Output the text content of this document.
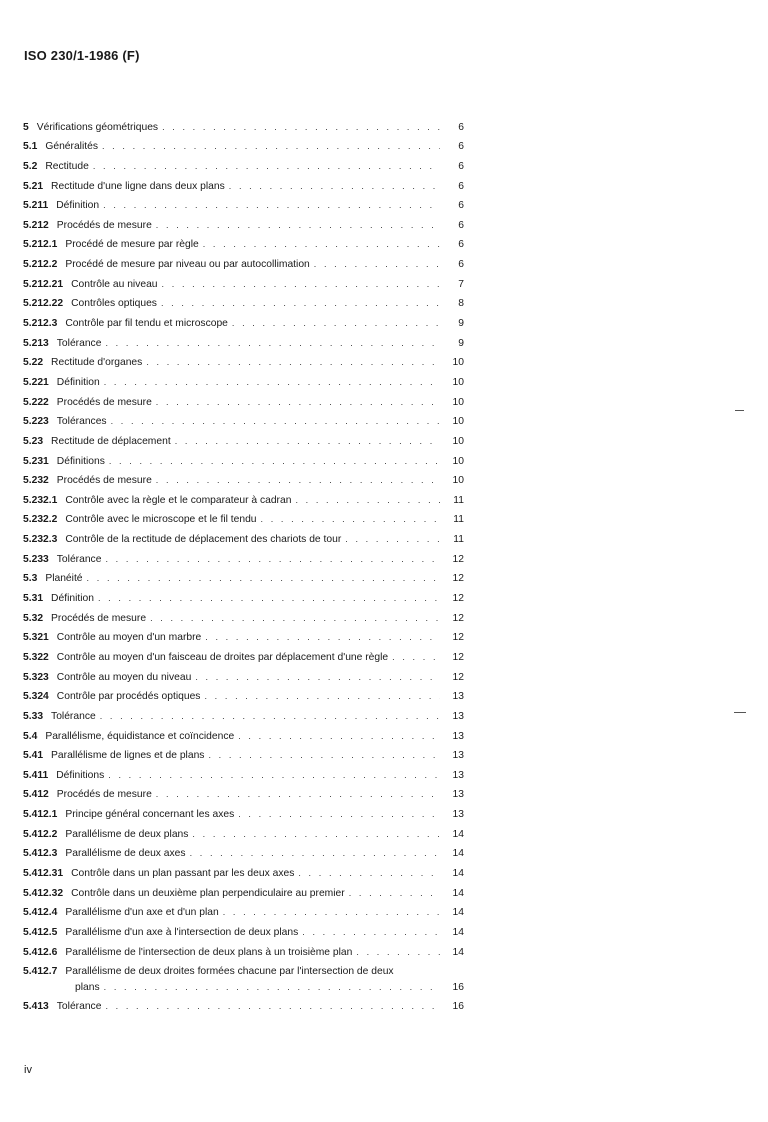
ISO 230/1-1986 (F)
5 Vérifications géométriques . . .	6
5.1 Généralités . . .	6
5.2 Rectitude . . .	6
5.21 Rectitude d'une ligne dans deux plans . . .	6
5.211 Définition . . .	6
5.212 Procédés de mesure . . .	6
5.212.1 Procédé de mesure par règle . . .	6
5.212.2 Procédé de mesure par niveau ou par autocollimation . . .	6
5.212.21 Contrôle au niveau . . .	7
5.212.22 Contrôles optiques . . .	8
5.212.3 Contrôle par fil tendu et microscope . . .	9
5.213 Tolérance . . .	9
5.22 Rectitude d'organes . . .	10
5.221 Définition . . .	10
5.222 Procédés de mesure . . .	10
5.223 Tolérances . . .	10
5.23 Rectitude de déplacement . . .	10
5.231 Définitions . . .	10
5.232 Procédés de mesure . . .	10
5.232.1 Contrôle avec la règle et le comparateur à cadran . . .	11
5.232.2 Contrôle avec le microscope et le fil tendu . . .	11
5.232.3 Contrôle de la rectitude de déplacement des chariots de tour . . .	11
5.233 Tolérance . . .	12
5.3 Planéité . . .	12
5.31 Définition . . .	12
5.32 Procédés de mesure . . .	12
5.321 Contrôle au moyen d'un marbre . . .	12
5.322 Contrôle au moyen d'un faisceau de droites par déplacement d'une règle . . .	12
5.323 Contrôle au moyen du niveau . . .	12
5.324 Contrôle par procédés optiques . . .	13
5.33 Tolérance . . .	13
5.4 Parallélisme, équidistance et coïncidence . . .	13
5.41 Parallélisme de lignes et de plans . . .	13
5.411 Définitions . . .	13
5.412 Procédés de mesure . . .	13
5.412.1 Principe général concernant les axes . . .	13
5.412.2 Parallélisme de deux plans . . .	14
5.412.3 Parallélisme de deux axes . . .	14
5.412.31 Contrôle dans un plan passant par les deux axes . . .	14
5.412.32 Contrôle dans un deuxième plan perpendiculaire au premier . . .	14
5.412.4 Parallélisme d'un axe et d'un plan . . .	14
5.412.5 Parallélisme d'un axe à l'intersection de deux plans . . .	14
5.412.6 Parallélisme de l'intersection de deux plans à un troisième plan . . .	14
5.412.7 Parallélisme de deux droites formées chacune par l'intersection de deux
plans . . .	16
5.413 Tolérance . . .	16
iv
